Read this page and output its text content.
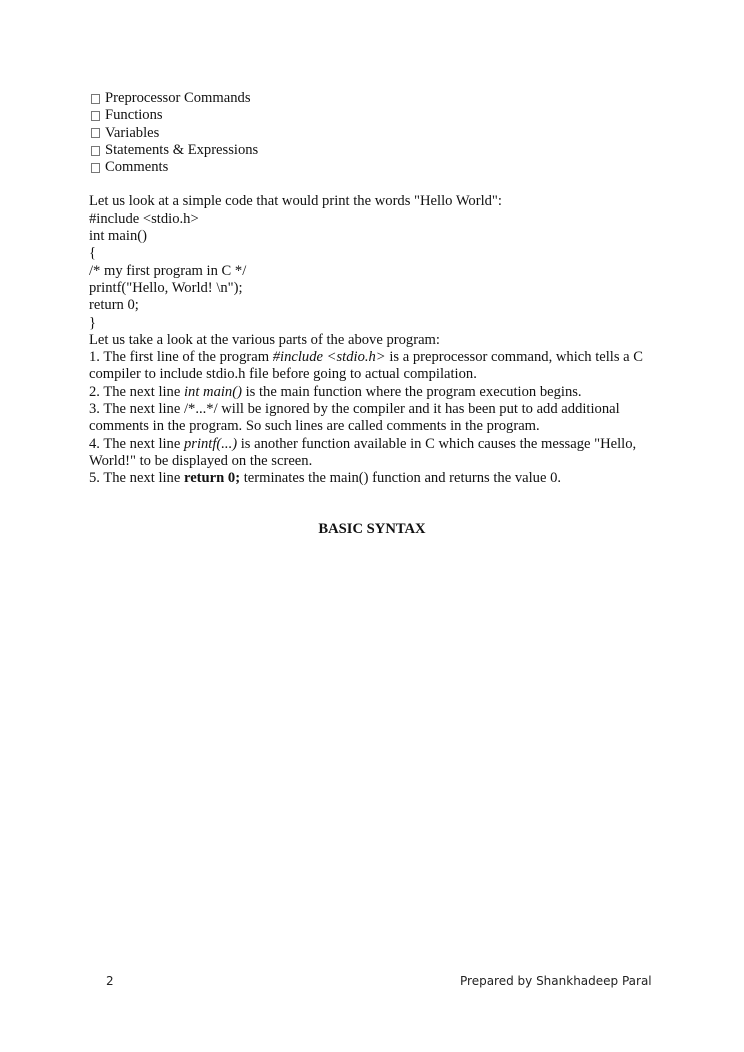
Preprocessor Commands
Functions
Variables
Statements & Expressions
Comments
Let us look at a simple code that would print the words "Hello World":
#include <stdio.h>
int main()
{
/* my first program in C */
printf("Hello, World! \n");
return 0;
}
Let us take a look at the various parts of the above program:
1. The first line of the program #include <stdio.h> is a preprocessor command, which tells a C compiler to include stdio.h file before going to actual compilation.
2. The next line int main() is the main function where the program execution begins.
3. The next line /*...*/ will be ignored by the compiler and it has been put to add additional comments in the program. So such lines are called comments in the program.
4. The next line printf(...) is another function available in C which causes the message "Hello, World!" to be displayed on the screen.
5. The next line return 0; terminates the main() function and returns the value 0.
BASIC SYNTAX
2	Prepared by Shankhadeep Paral
